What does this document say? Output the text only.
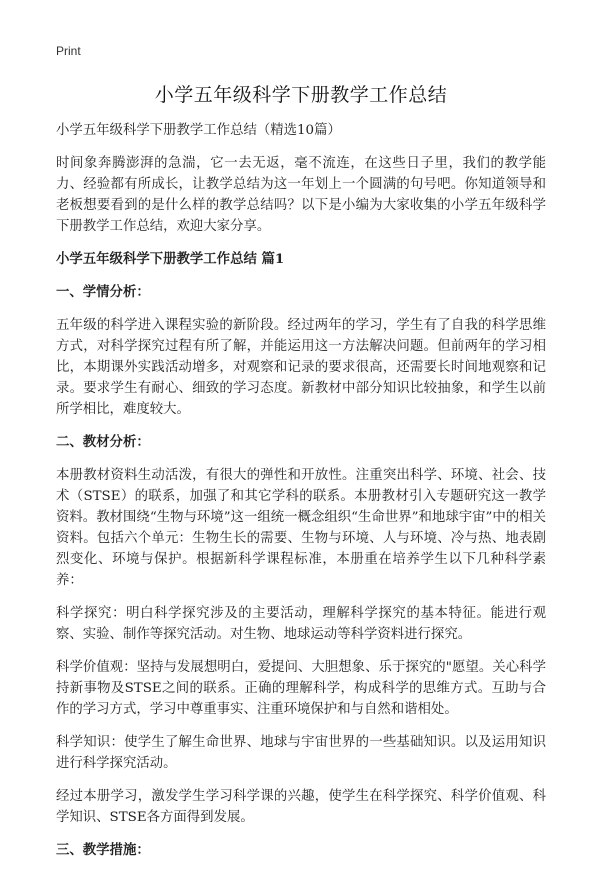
Print
小学五年级科学下册教学工作总结

小学五年级科学下册教学工作总结（精选10篇）

时间象奔腾澎湃的急湍，它一去无返，毫不流连，在这些日子里，我们的教学能力、经验都有所成长，让教学总结为这一年划上一个圆满的句号吧。你知道领导和老板想要看到的是什么样的教学总结吗？以下是小编为大家收集的小学五年级科学下册教学工作总结，欢迎大家分享。

小学五年级科学下册教学工作总结 篇1

一、学情分析：

五年级的科学进入课程实验的新阶段。经过两年的学习，学生有了自我的科学思维方式，对科学探究过程有所了解，并能运用这一方法解决问题。但前两年的学习相比，本期课外实践活动增多，对观察和记录的要求很高，还需要长时间地观察和记录。要求学生有耐心、细致的学习态度。新教材中部分知识比较抽象，和学生以前所学相比，难度较大。

二、教材分析：

本册教材资料生动活泼，有很大的弹性和开放性。注重突出科学、环境、社会、技术（STSE）的联系，加强了和其它学科的联系。本册教材引入专题研究这一教学资料。教材围绕“生物与环境”这一组统一概念组织“生命世界”和地球宇宙”中的相关资料。包括六个单元：生物生长的需要、生物与环境、人与环境、冷与热、地表剧烈变化、环境与保护。根据新科学课程标准，本册重在培养学生以下几种科学素养：

科学探究：明白科学探究涉及的主要活动，理解科学探究的基本特征。能进行观察、实验、制作等探究活动。对生物、地球运动等科学资料进行探究。

科学价值观：坚持与发展想明白，爱提问、大胆想象、乐于探究的"愿望。关心科学持新事物及STSE之间的联系。正确的理解科学，构成科学的思维方式。互助与合作的学习方式，学习中尊重事实、注重环境保护和与自然和谐相处。

科学知识：使学生了解生命世界、地球与宇宙世界的一些基础知识。以及运用知识进行科学探究活动。

经过本册学习，激发学生学习科学课的兴趣，使学生在科学探究、科学价值观、科学知识、STSE各方面得到发展。

三、教学措施：
